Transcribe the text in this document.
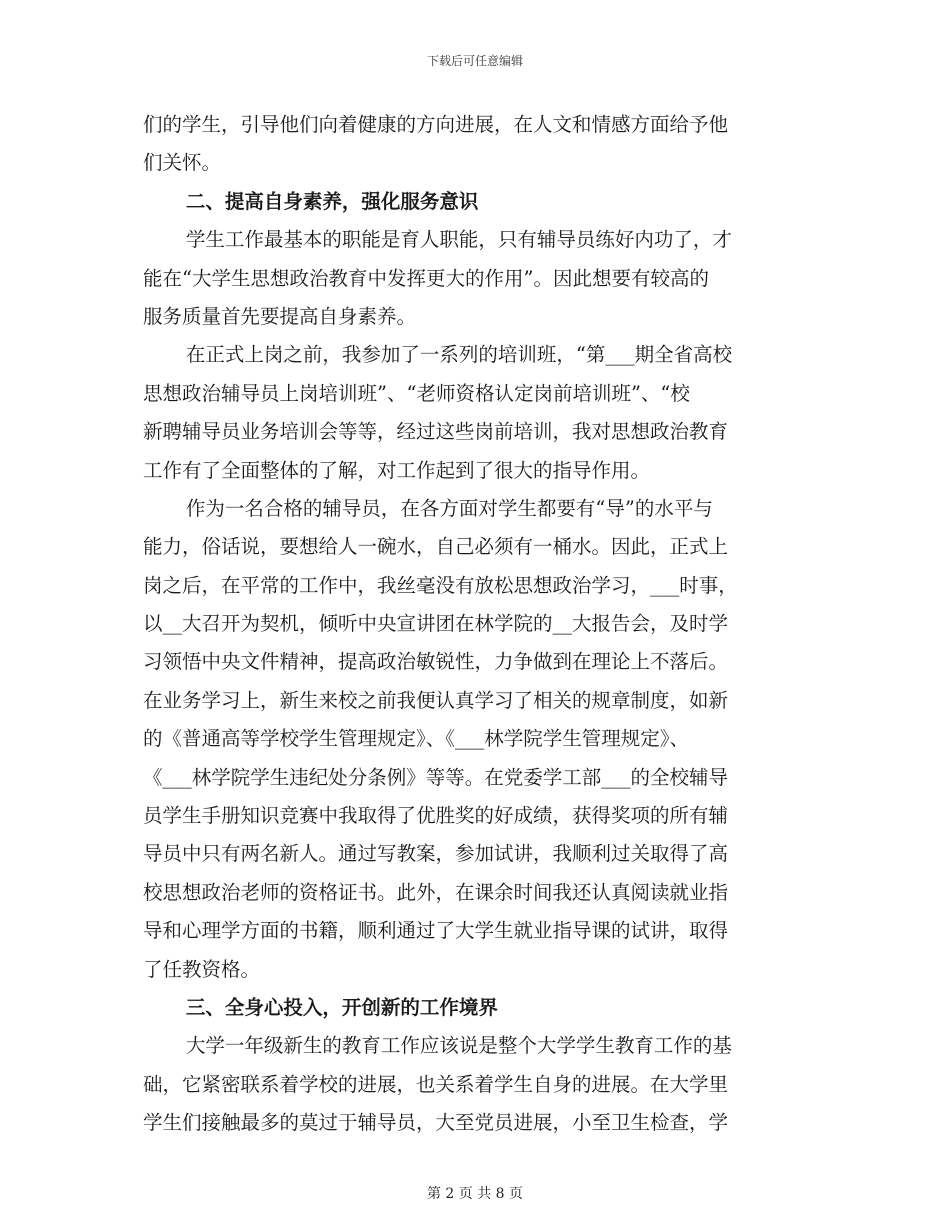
下载后可任意编辑
们的学生，引导他们向着健康的方向进展，在人文和情感方面给予他
们关怀。
二、提高自身素养，强化服务意识
学生工作最基本的职能是育人职能，只有辅导员练好内功了，才
能在“大学生思想政治教育中发挥更大的作用”。因此想要有较高的
服务质量首先要提高自身素养。
在正式上岗之前，我参加了一系列的培训班，“第___期全省高校
思想政治辅导员上岗培训班”、“老师资格认定岗前培训班”、“校
新聘辅导员业务培训会等等，经过这些岗前培训，我对思想政治教育
工作有了全面整体的了解，对工作起到了很大的指导作用。
作为一名合格的辅导员，在各方面对学生都要有“导”的水平与
能力，俗话说，要想给人一碗水，自己必须有一桶水。因此，正式上
岗之后，在平常的工作中，我丝毫没有放松思想政治学习，___时事，
以__大召开为契机，倾听中央宣讲团在林学院的__大报告会，及时学
习领悟中央文件精神，提高政治敏锐性，力争做到在理论上不落后。
在业务学习上，新生来校之前我便认真学习了相关的规章制度，如新
的《普通高等学校学生管理规定》、《___林学院学生管理规定》、
《___林学院学生违纪处分条例》等等。在党委学工部___的全校辅导
员学生手册知识竞赛中我取得了优胜奖的好成绩，获得奖项的所有辅
导员中只有两名新人。通过写教案，参加试讲，我顺利过关取得了高
校思想政治老师的资格证书。此外，在课余时间我还认真阅读就业指
导和心理学方面的书籍，顺利通过了大学生就业指导课的试讲，取得
了任教资格。
三、全身心投入，开创新的工作境界
大学一年级新生的教育工作应该说是整个大学学生教育工作的基
础，它紧密联系着学校的进展，也关系着学生自身的进展。在大学里
学生们接触最多的莫过于辅导员，大至党员进展，小至卫生检查，学
第 2 页 共 8 页
